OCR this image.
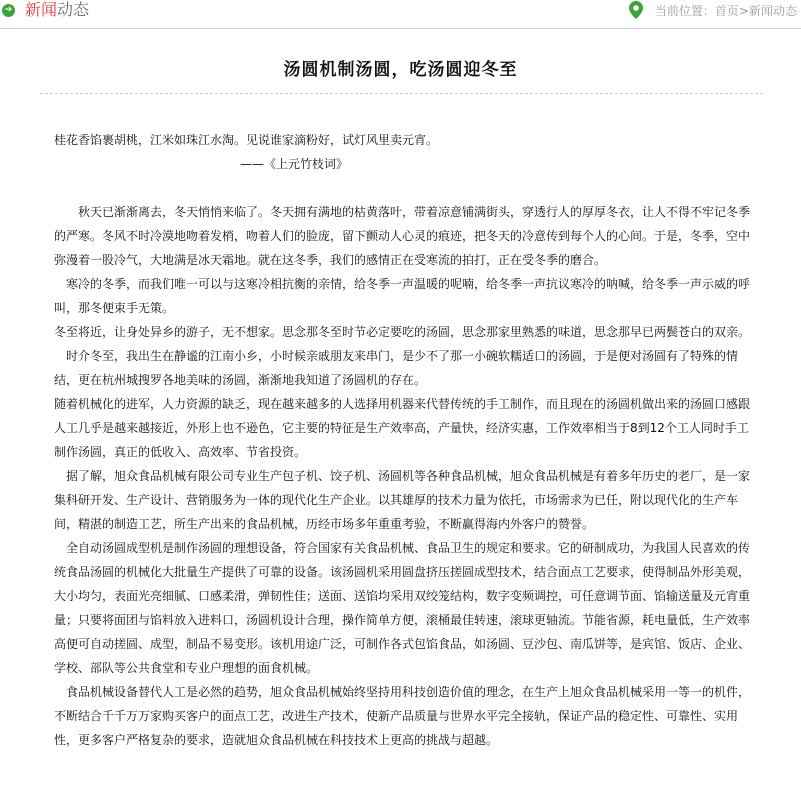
➔ 新闻 动态	当前位置： 首页>新闻动态
汤圆机制汤圆，吃汤圆迎冬至

桂花香馅裹胡桃，江米如珠江水淘。见说谁家滴粉好，试灯风里卖元宵。

——《上元竹枝词》

　　秋天已渐渐离去，冬天悄悄来临了。冬天拥有满地的枯黄落叶，带着凉意铺满街头，穿透行人的厚厚冬衣，让人不得不牢记冬季的严寒。冬风不时冷漠地吻着发梢，吻着人们的脸庞，留下颤动人心灵的痕迹，把冬天的冷意传到每个人的心间。于是，冬季，空中弥漫着一股冷气，大地满是冰天霜地。就在这冬季，我们的感情正在受寒流的拍打，正在受冬季的磨合。

　寒冷的冬季，而我们唯一可以与这寒冷相抗衡的亲情，给冬季一声温暖的呢喃，给冬季一声抗议寒冷的呐喊，给冬季一声示威的呼叫，那冬便束手无策。

冬至将近，让身处异乡的游子，无不想家。思念那冬至时节必定要吃的汤圆，思念那家里熟悉的味道，思念那早已两鬓苍白的双亲。

　时介冬至，我出生在静谧的江南小乡，小时候亲戚朋友来串门，是少不了那一小碗软糯适口的汤圆，于是便对汤圆有了特殊的情结，更在杭州城搜罗各地美味的汤圆，渐渐地我知道了汤圆机的存在。

随着机械化的进军，人力资源的缺乏，现在越来越多的人选择用机器来代替传统的手工制作，而且现在的汤圆机做出来的汤圆口感跟人工几乎是越来越接近，外形上也不逊色，它主要的特征是生产效率高，产量快，经济实惠，工作效率相当于8到12个工人同时手工制作汤圆，真正的低收入、高效率、节省投资。

　据了解，旭众食品机械有限公司专业生产包子机、饺子机、汤圆机等各种食品机械，旭众食品机械是有着多年历史的老厂，是一家集科研开发、生产设计、营销服务为一体的现代化生产企业。以其雄厚的技术力量为依托，市场需求为已任，附以现代化的生产车间，精湛的制造工艺，所生产出来的食品机械，历经市场多年重重考验，不断赢得海内外客户的赞誉。

　全自动汤圆成型机是制作汤圆的理想设备，符合国家有关食品机械、食品卫生的规定和要求。它的研制成功，为我国人民喜欢的传统食品汤圆的机械化大批量生产提供了可靠的设备。该汤圆机采用圆盘挤压搓圆成型技术，结合面点工艺要求，使得制品外形美观，大小均匀，表面光亮细腻、口感柔滑，弹韧性佳；送面、送馅均采用双绞笼结构，数字变频调控，可任意调节面、馅输送量及元宵重量；只要将面团与馅料放入进料口，汤圆机设计合理，操作简单方便，滚桶最佳转速，滚球更轴流。节能省源，耗电量低，生产效率高便可自动搓圆、成型，制品不易变形。该机用途广泛，可制作各式包馅食品，如汤圆、豆沙包、南瓜饼等，是宾馆、饭店、企业、学校、部队等公共食堂和专业户理想的面食机械。

　食品机械设备替代人工是必然的趋势，旭众食品机械始终坚持用科技创造价值的理念，在生产上旭众食品机械采用一等一的机件，不断结合千千万万家购买客户的面点工艺，改进生产技术，使新产品质量与世界水平完全接轨，保证产品的稳定性、可靠性、实用性，更多客户严格复杂的要求，造就旭众食品机械在科技技术上更高的挑战与超越。
